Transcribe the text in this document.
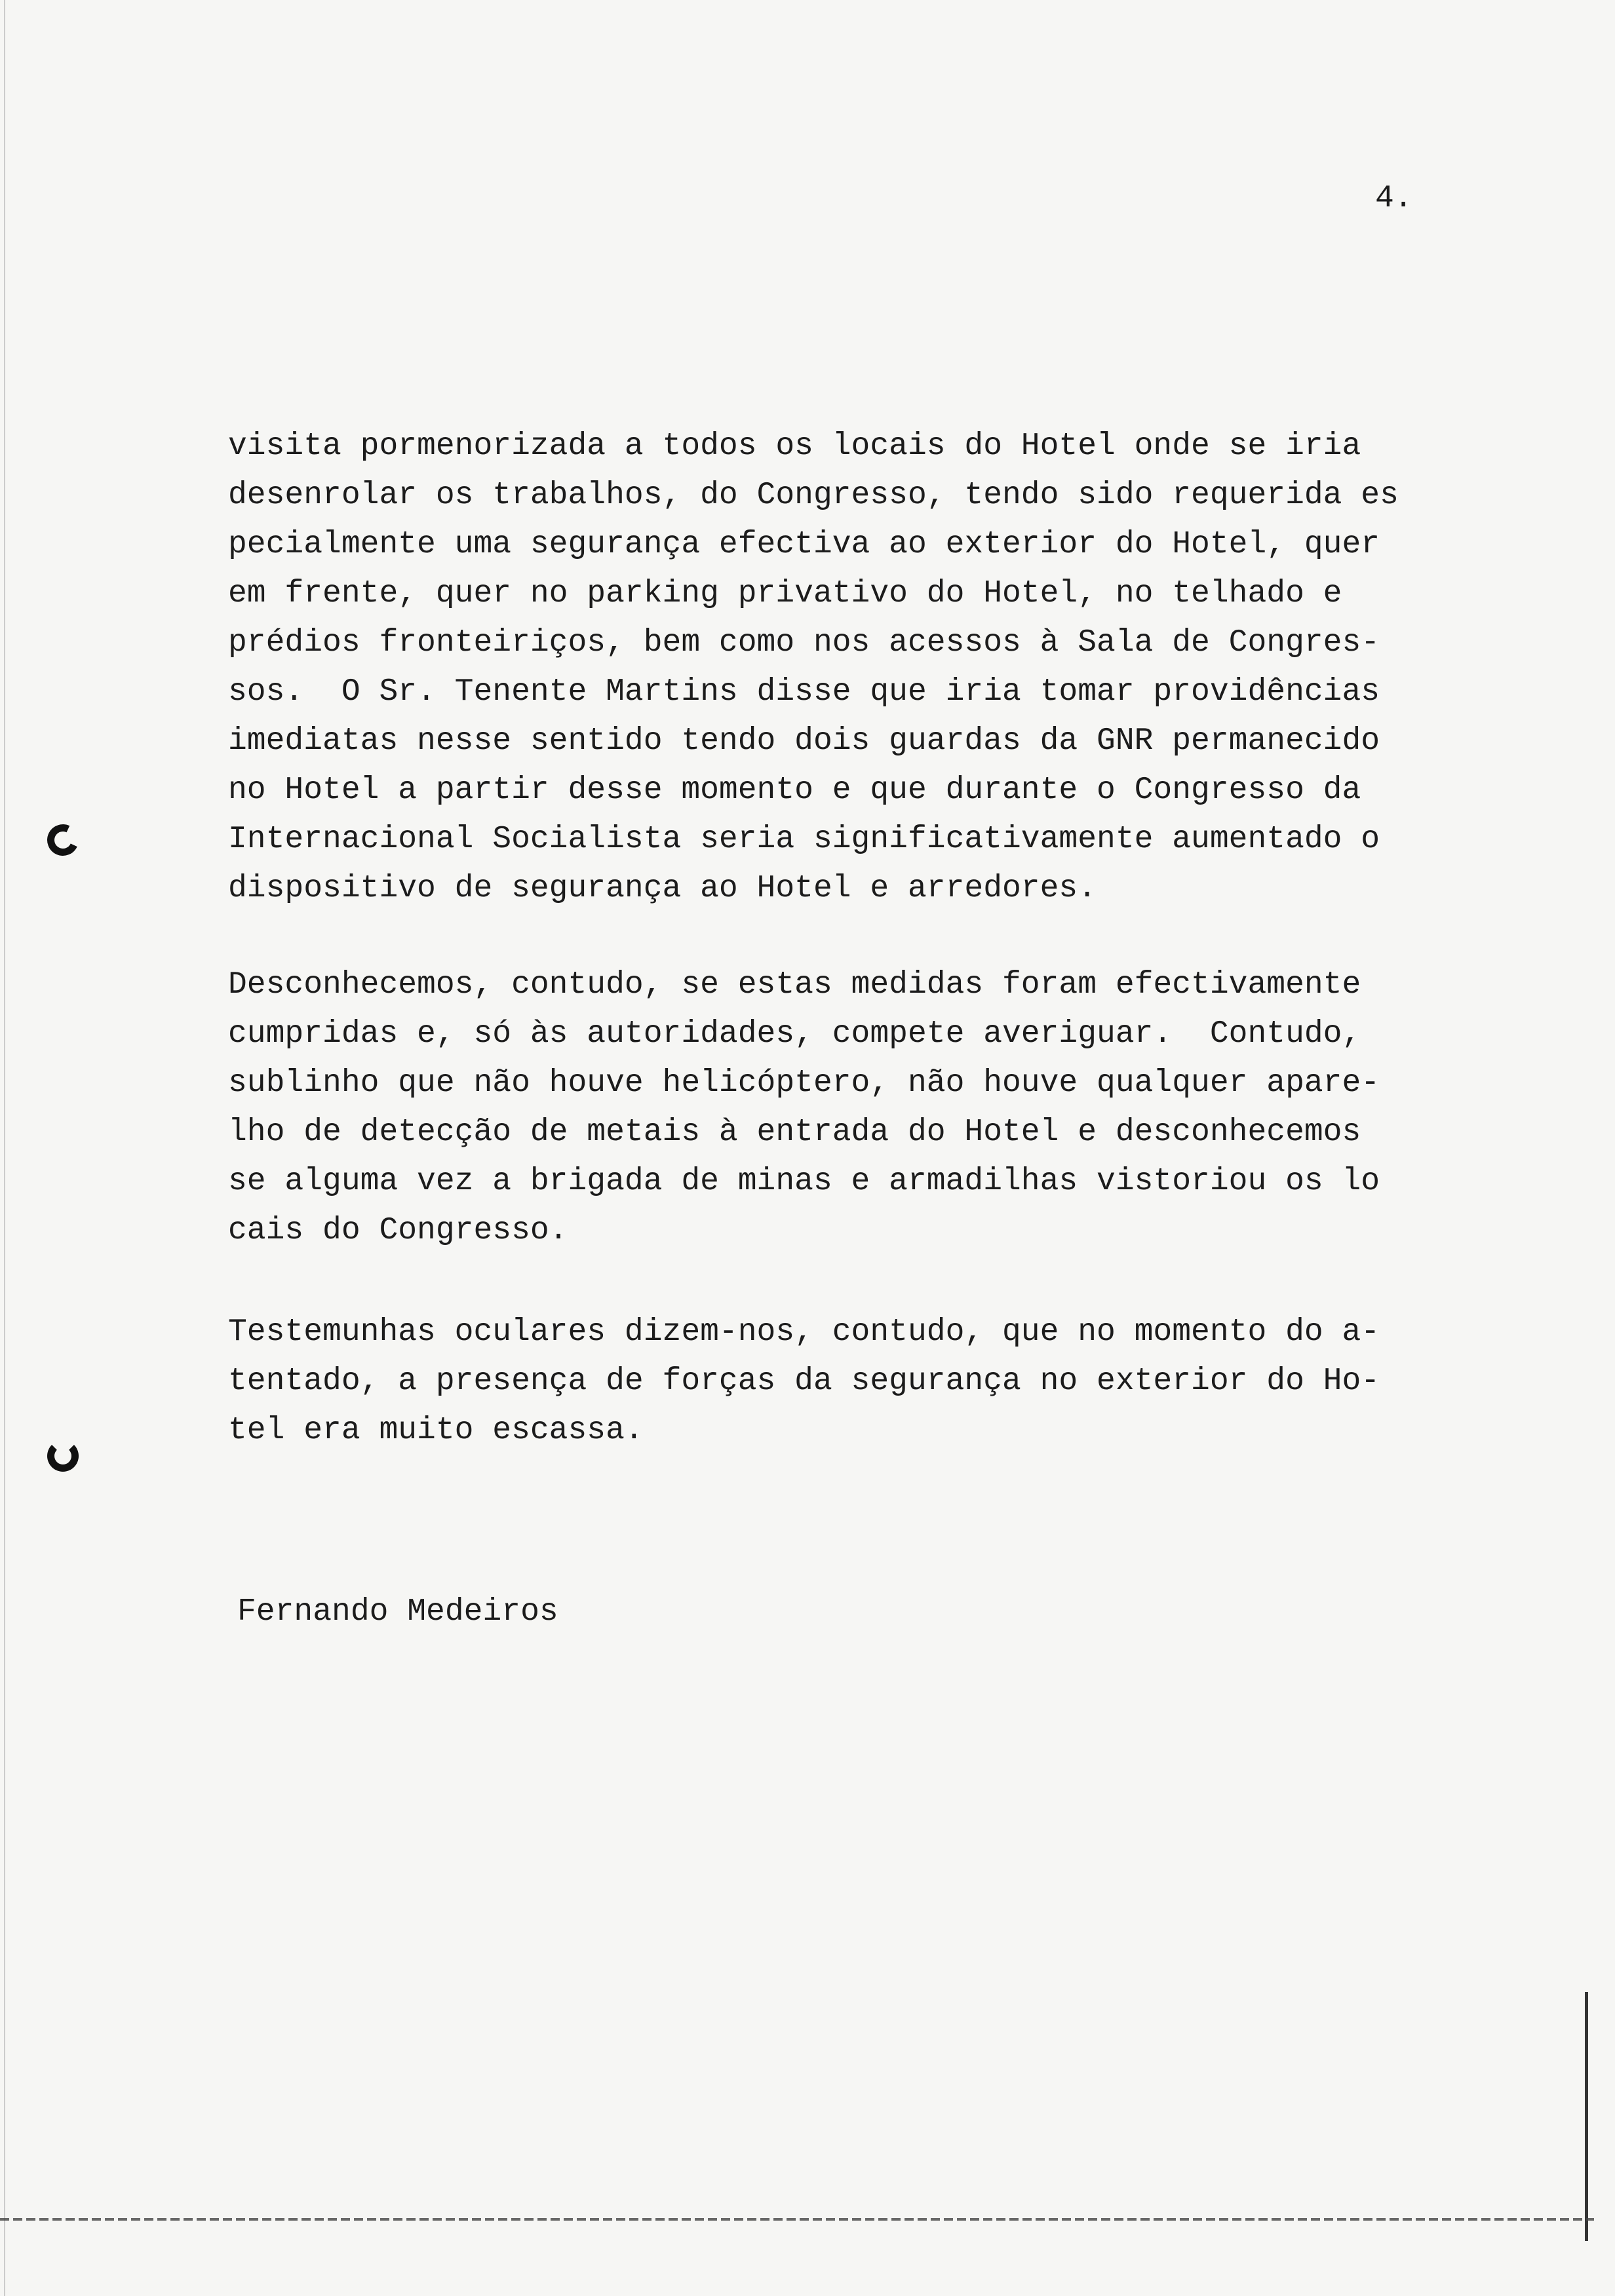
4.

visita pormenorizada a todos os locais do Hotel onde se iria
desenrolar os trabalhos, do Congresso, tendo sido requerida es
pecialmente uma segurança efectiva ao exterior do Hotel, quer
em frente, quer no parking privativo do Hotel, no telhado e
prédios fronteiriços, bem como nos acessos à Sala de Congres-
sos.  O Sr. Tenente Martins disse que iria tomar providências
imediatas nesse sentido tendo dois guardas da GNR permanecido
no Hotel a partir desse momento e que durante o Congresso da
Internacional Socialista seria significativamente aumentado o
dispositivo de segurança ao Hotel e arredores.

Desconhecemos, contudo, se estas medidas foram efectivamente
cumpridas e, só às autoridades, compete averiguar.  Contudo,
sublinho que não houve helicóptero, não houve qualquer apare-
lho de detecção de metais à entrada do Hotel e desconhecemos
se alguma vez a brigada de minas e armadilhas vistoriou os lo
cais do Congresso.

Testemunhas oculares dizem-nos, contudo, que no momento do a-
tentado, a presença de forças da segurança no exterior do Ho-
tel era muito escassa.

Fernando Medeiros
